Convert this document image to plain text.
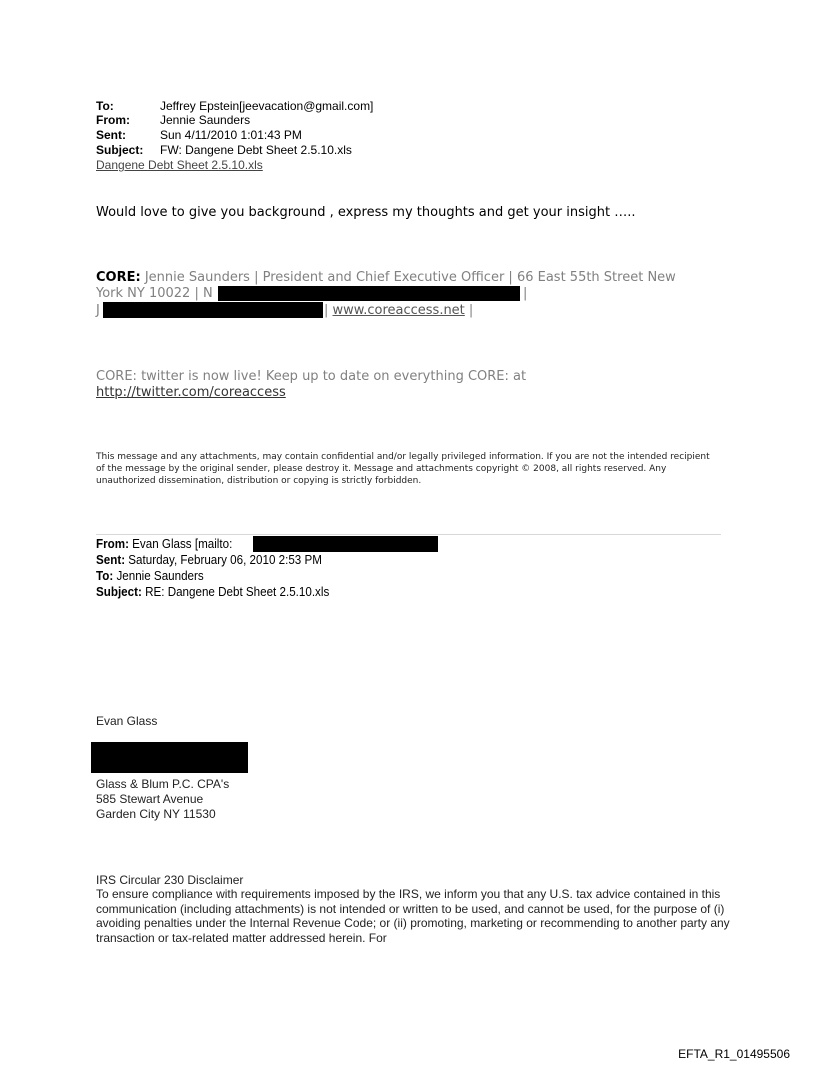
To:	Jeffrey Epstein[jeevacation@gmail.com]
From:	Jennie Saunders
Sent:	Sun 4/11/2010 1:01:43 PM
Subject: FW: Dangene Debt Sheet 2.5.10.xls
Dangene Debt Sheet 2.5.10.xls
Would love to give you background , express my thoughts and get your insight …..
CORE: Jennie Saunders | President and Chief Executive Officer | 66 East 55th Street New
York NY 10022 | N	|
J	| www.coreaccess.net |
CORE: twitter is now live! Keep up to date on everything CORE: at
http://twitter.com/coreaccess
This message and any attachments, may contain confidential and/or legally privileged information. If you are not the intended recipient of the message by the original sender, please destroy it. Message and attachments copyright © 2008, all rights reserved. Any unauthorized dissemination, distribution or copying is strictly forbidden.
From: Evan Glass [mailto:
Sent: Saturday, February 06, 2010 2:53 PM
To: Jennie Saunders
Subject: RE: Dangene Debt Sheet 2.5.10.xls
Evan Glass
Glass & Blum P.C. CPA's
585 Stewart Avenue
Garden City NY 11530
IRS Circular 230 Disclaimer
To ensure compliance with requirements imposed by the IRS, we inform you that any U.S. tax advice contained in this communication (including attachments) is not intended or written to be used, and cannot be used, for the purpose of (i) avoiding penalties under the Internal Revenue Code; or (ii) promoting, marketing or recommending to another party any transaction or tax-related matter addressed herein. For
EFTA_R1_01495506
